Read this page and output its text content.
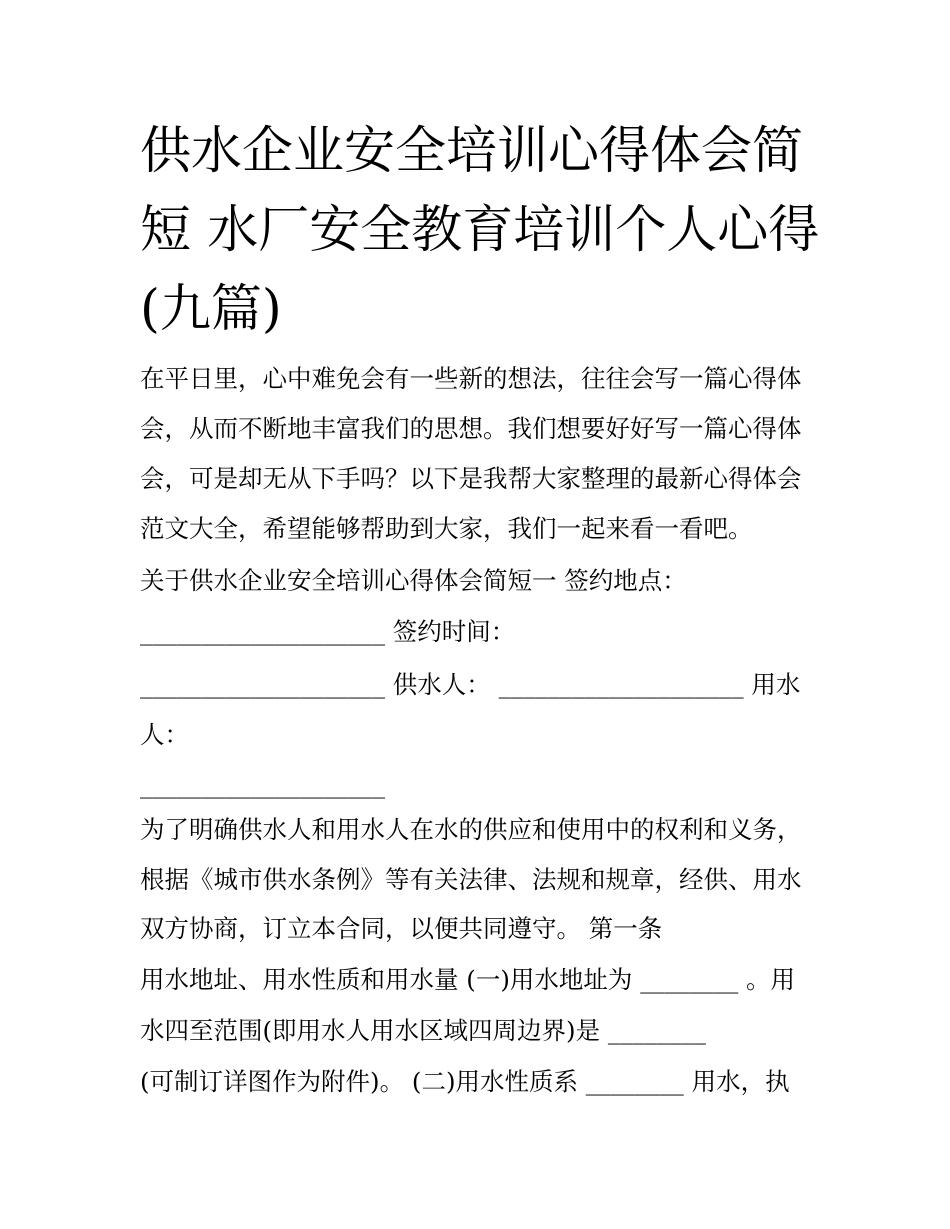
供水企业安全培训心得体会简
短 水厂安全教育培训个人心得
(九篇)
在平日里，心中难免会有一些新的想法，往往会写一篇心得体
会，从而不断地丰富我们的思想。我们想要好好写一篇心得体
会，可是却无从下手吗？以下是我帮大家整理的最新心得体会
范文大全，希望能够帮助到大家，我们一起来看一看吧。
关于供水企业安全培训心得体会简短一 签约地点：
____________________ 签约时间：
____________________ 供水人： ____________________ 用水
人：
____________________
为了明确供水人和用水人在水的供应和使用中的权利和义务，
根据《城市供水条例》等有关法律、法规和规章，经供、用水
双方协商，订立本合同，以便共同遵守。 第一条
用水地址、用水性质和用水量 (一)用水地址为 ________ 。用
水四至范围(即用水人用水区域四周边界)是 ________
(可制订详图作为附件)。 (二)用水性质系 ________ 用水，执
